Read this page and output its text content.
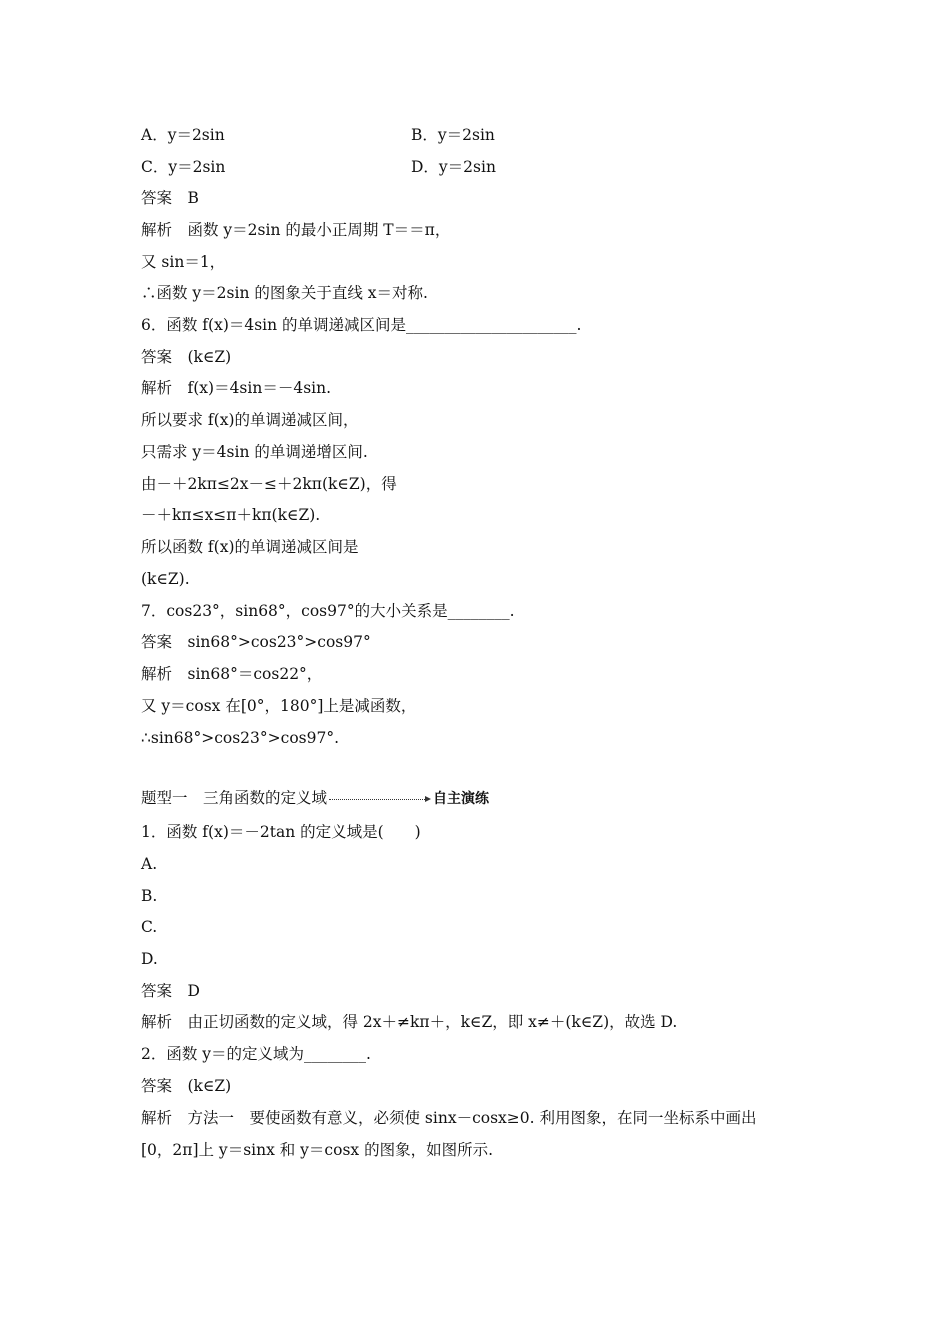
A．y＝2sin	B．y＝2sin
C．y＝2sin	D．y＝2sin
答案　B
解析　函数 y＝2sin 的最小正周期 T＝＝π，
又 sin＝1，
∴函数 y＝2sin 的图象关于直线 x＝对称.
6．函数 f(x)＝4sin 的单调递减区间是______________________.
答案　(k∈Z)
解析　f(x)＝4sin＝－4sin.
所以要求 f(x)的单调递减区间，
只需求 y＝4sin 的单调递增区间.
由－＋2kπ≤2x－≤＋2kπ(k∈Z)，得
－＋kπ≤x≤π＋kπ(k∈Z).
所以函数 f(x)的单调递减区间是
(k∈Z).
7．cos23°，sin68°，cos97°的大小关系是________.
答案　sin68°>cos23°>cos97°
解析　sin68°＝cos22°，
又 y＝cosx 在[0°，180°]上是减函数，
∴sin68°>cos23°>cos97°.
题型一　三角函数的定义域	自主演练
1．函数 f(x)＝－2tan 的定义域是(　　)
A.
B.
C.
D.
答案　D
解析　由正切函数的定义域，得 2x＋≠kπ＋，k∈Z，即 x≠＋(k∈Z)，故选 D.
2．函数 y＝的定义域为________.
答案　(k∈Z)
解析　方法一　要使函数有意义，必须使 sinx－cosx≥0. 利用图象，在同一坐标系中画出
[0，2π]上 y＝sinx 和 y＝cosx 的图象，如图所示.
